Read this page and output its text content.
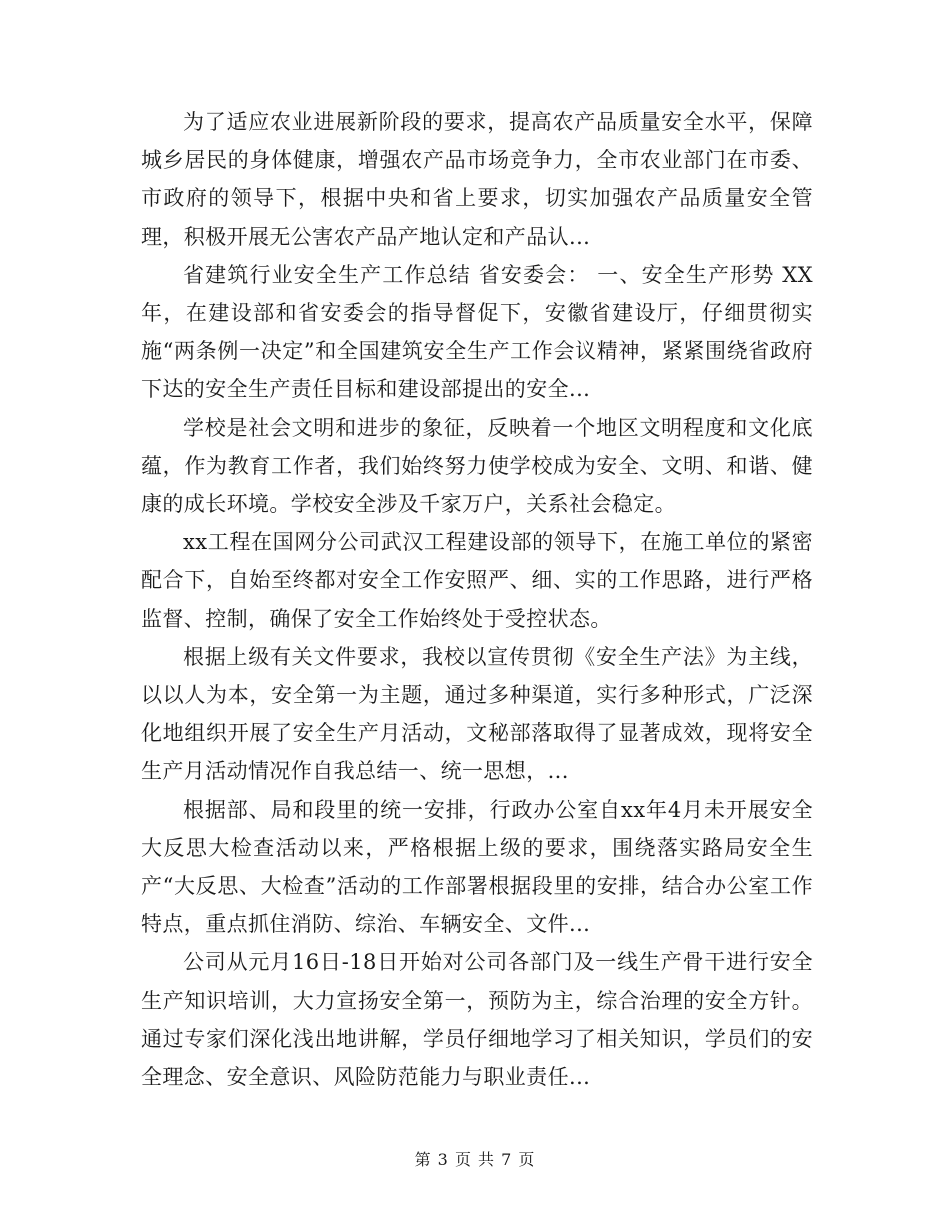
为了适应农业进展新阶段的要求，提高农产品质量安全水平，保障城乡居民的身体健康，增强农产品市场竞争力，全市农业部门在市委、市政府的领导下，根据中央和省上要求，切实加强农产品质量安全管理，积极开展无公害农产品产地认定和产品认...

省建筑行业安全生产工作总结 省安委会： 一、安全生产形势 XX年，在建设部和省安委会的指导督促下，安徽省建设厅，仔细贯彻实施“两条例一决定”和全国建筑安全生产工作会议精神，紧紧围绕省政府下达的安全生产责任目标和建设部提出的安全...

学校是社会文明和进步的象征，反映着一个地区文明程度和文化底蕴，作为教育工作者，我们始终努力使学校成为安全、文明、和谐、健康的成长环境。学校安全涉及千家万户，关系社会稳定。

xx工程在国网分公司武汉工程建设部的领导下，在施工单位的紧密配合下，自始至终都对安全工作安照严、细、实的工作思路，进行严格监督、控制，确保了安全工作始终处于受控状态。

根据上级有关文件要求，我校以宣传贯彻《安全生产法》为主线，以以人为本，安全第一为主题，通过多种渠道，实行多种形式，广泛深化地组织开展了安全生产月活动，文秘部落取得了显著成效，现将安全生产月活动情况作自我总结一、统一思想，...

根据部、局和段里的统一安排，行政办公室自xx年4月未开展安全大反思大检查活动以来，严格根据上级的要求，围绕落实路局安全生产“大反思、大检查”活动的工作部署根据段里的安排，结合办公室工作特点，重点抓住消防、综治、车辆安全、文件...

公司从元月16日-18日开始对公司各部门及一线生产骨干进行安全生产知识培训，大力宣扬安全第一，预防为主，综合治理的安全方针。通过专家们深化浅出地讲解，学员仔细地学习了相关知识，学员们的安全理念、安全意识、风险防范能力与职业责任...

第 3 页 共 7 页
